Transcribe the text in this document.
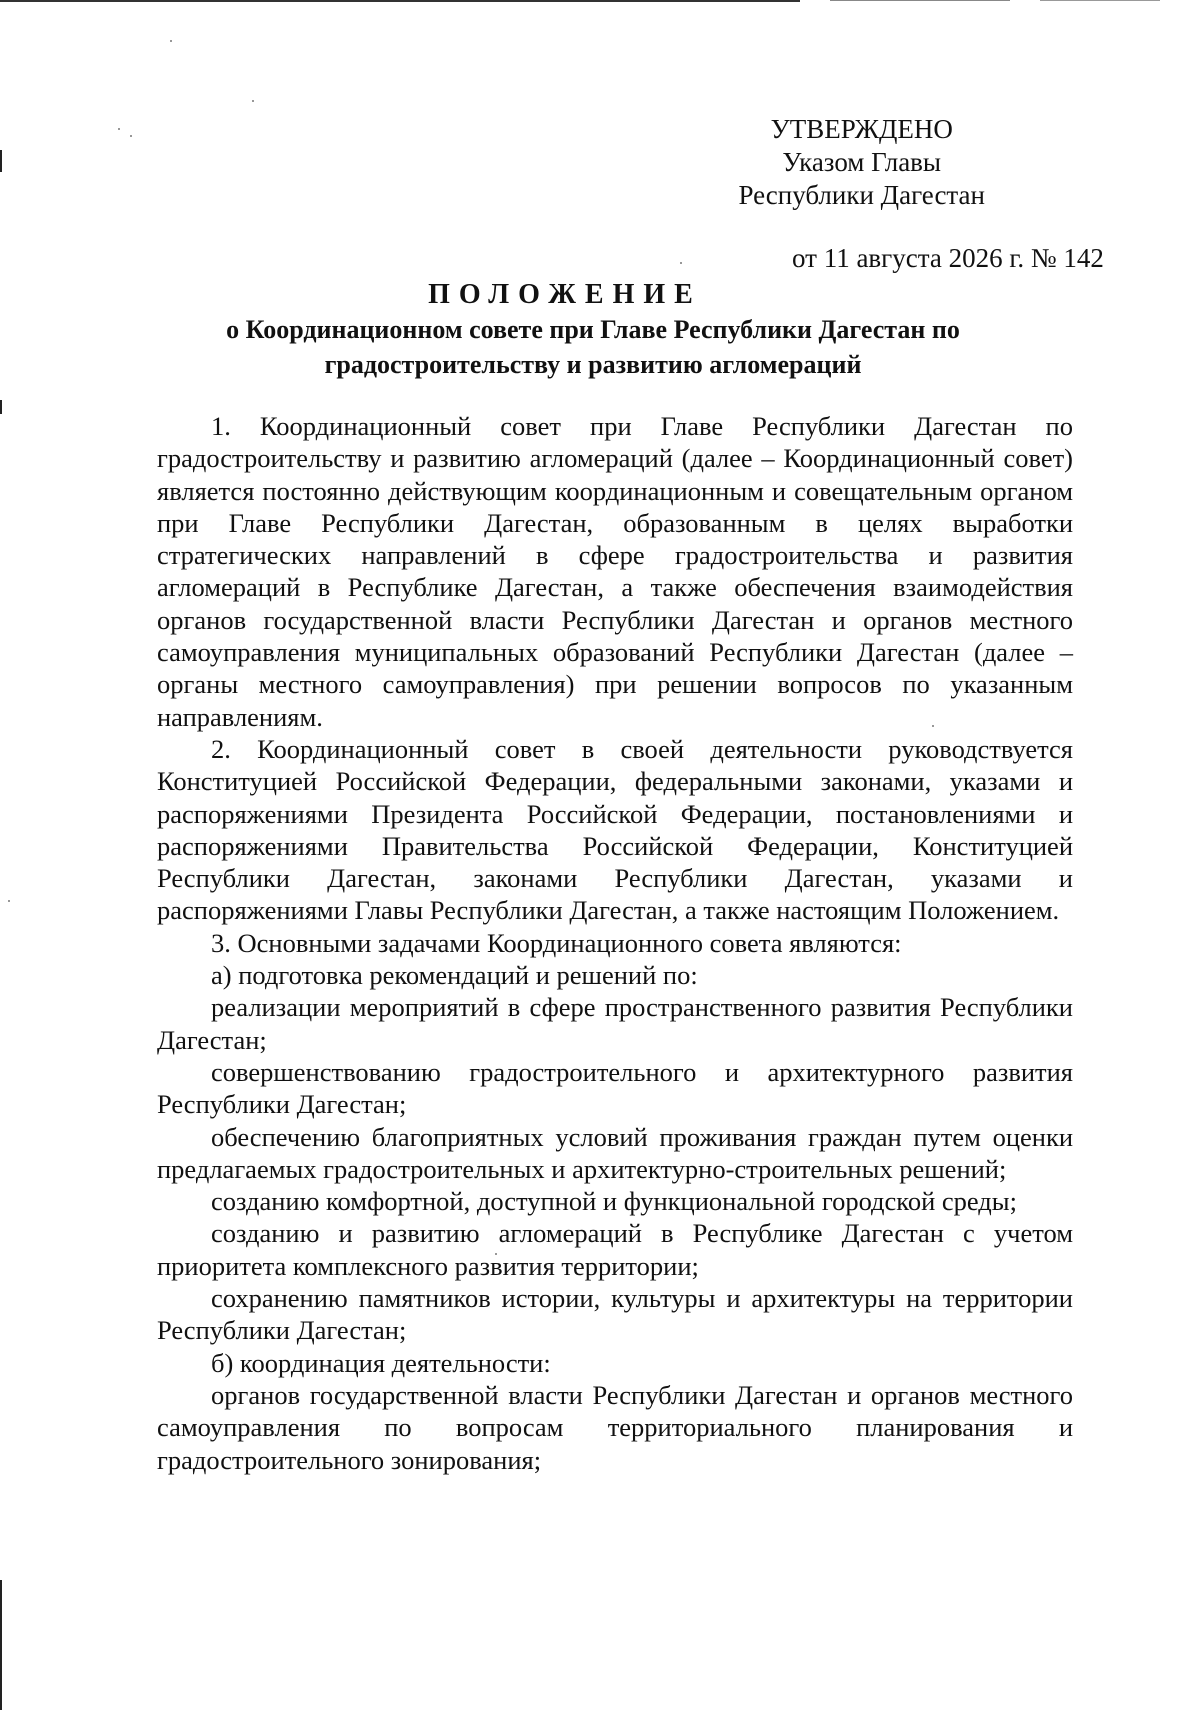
УТВЕРЖДЕНО
Указом Главы
Республики Дагестан
от 11 августа 2026 г. № 142
ПОЛОЖЕНИЕ
о Координационном совете при Главе Республики Дагестан по
градостроительству и развитию агломераций

1. Координационный совет при Главе Республики Дагестан по градостроительству и развитию агломераций (далее – Координационный совет) является постоянно действующим координационным и совещательным органом при Главе Республики Дагестан, образованным в целях выработки стратегических направлений в сфере градостроительства и развития агломераций в Республике Дагестан, а также обеспечения взаимодействия органов государственной власти Республики Дагестан и органов местного самоуправления муниципальных образований Республики Дагестан (далее – органы местного самоуправления) при решении вопросов по указанным направлениям.

2. Координационный совет в своей деятельности руководствуется Конституцией Российской Федерации, федеральными законами, указами и распоряжениями Президента Российской Федерации, постановлениями и распоряжениями Правительства Российской Федерации, Конституцией Республики Дагестан, законами Республики Дагестан, указами и распоряжениями Главы Республики Дагестан, а также настоящим Положением.

3. Основными задачами Координационного совета являются:

а) подготовка рекомендаций и решений по:

реализации мероприятий в сфере пространственного развития Республики Дагестан;

совершенствованию градостроительного и архитектурного развития Республики Дагестан;

обеспечению благоприятных условий проживания граждан путем оценки предлагаемых градостроительных и архитектурно-строительных решений;

созданию комфортной, доступной и функциональной городской среды;

созданию и развитию агломераций в Республике Дагестан с учетом приоритета комплексного развития территории;

сохранению памятников истории, культуры и архитектуры на территории Республики Дагестан;

б) координация деятельности:

органов государственной власти Республики Дагестан и органов местного самоуправления по вопросам территориального планирования и градостроительного зонирования;
